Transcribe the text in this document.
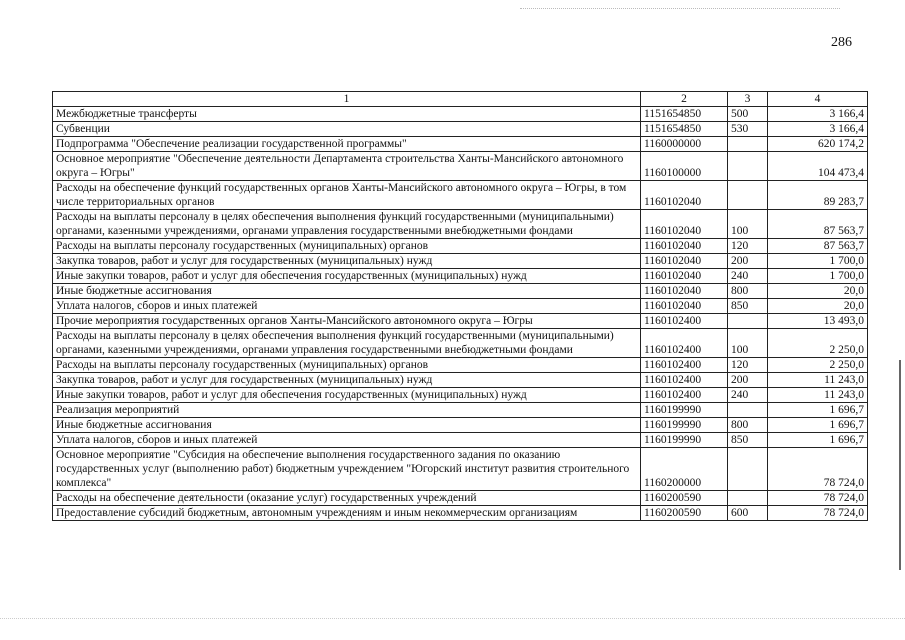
286
1	2	3	4
Межбюджетные трансферты	1151654850	500	3 166,4
Субвенции	1151654850	530	3 166,4
Подпрограмма "Обеспечение реализации государственной программы"	1160000000		620 174,2
Основное мероприятие "Обеспечение деятельности Департамента строительства Ханты-Мансийского автономного округа – Югры"	1160100000		104 473,4
Расходы на обеспечение функций государственных органов Ханты-Мансийского автономного округа – Югры, в том числе территориальных органов	1160102040		89 283,7
Расходы на выплаты персоналу в целях обеспечения выполнения функций государственными (муниципальными) органами, казенными учреждениями, органами управления государственными внебюджетными фондами	1160102040	100	87 563,7
Расходы на выплаты персоналу государственных (муниципальных) органов	1160102040	120	87 563,7
Закупка товаров, работ и услуг для государственных (муниципальных) нужд	1160102040	200	1 700,0
Иные закупки товаров, работ и услуг для обеспечения государственных (муниципальных) нужд	1160102040	240	1 700,0
Иные бюджетные ассигнования	1160102040	800	20,0
Уплата налогов, сборов и иных платежей	1160102040	850	20,0
Прочие мероприятия государственных органов Ханты-Мансийского автономного округа – Югры	1160102400		13 493,0
Расходы на выплаты персоналу в целях обеспечения выполнения функций государственными (муниципальными) органами, казенными учреждениями, органами управления государственными внебюджетными фондами	1160102400	100	2 250,0
Расходы на выплаты персоналу государственных (муниципальных) органов	1160102400	120	2 250,0
Закупка товаров, работ и услуг для государственных (муниципальных) нужд	1160102400	200	11 243,0
Иные закупки товаров, работ и услуг для обеспечения государственных (муниципальных) нужд	1160102400	240	11 243,0
Реализация мероприятий	1160199990		1 696,7
Иные бюджетные ассигнования	1160199990	800	1 696,7
Уплата налогов, сборов и иных платежей	1160199990	850	1 696,7
Основное мероприятие "Субсидия на обеспечение выполнения государственного задания по оказанию государственных услуг (выполнению работ) бюджетным учреждением "Югорский институт развития строительного комплекса"	1160200000		78 724,0
Расходы на обеспечение деятельности (оказание услуг) государственных учреждений	1160200590		78 724,0
Предоставление субсидий бюджетным, автономным учреждениям и иным некоммерческим организациям	1160200590	600	78 724,0
